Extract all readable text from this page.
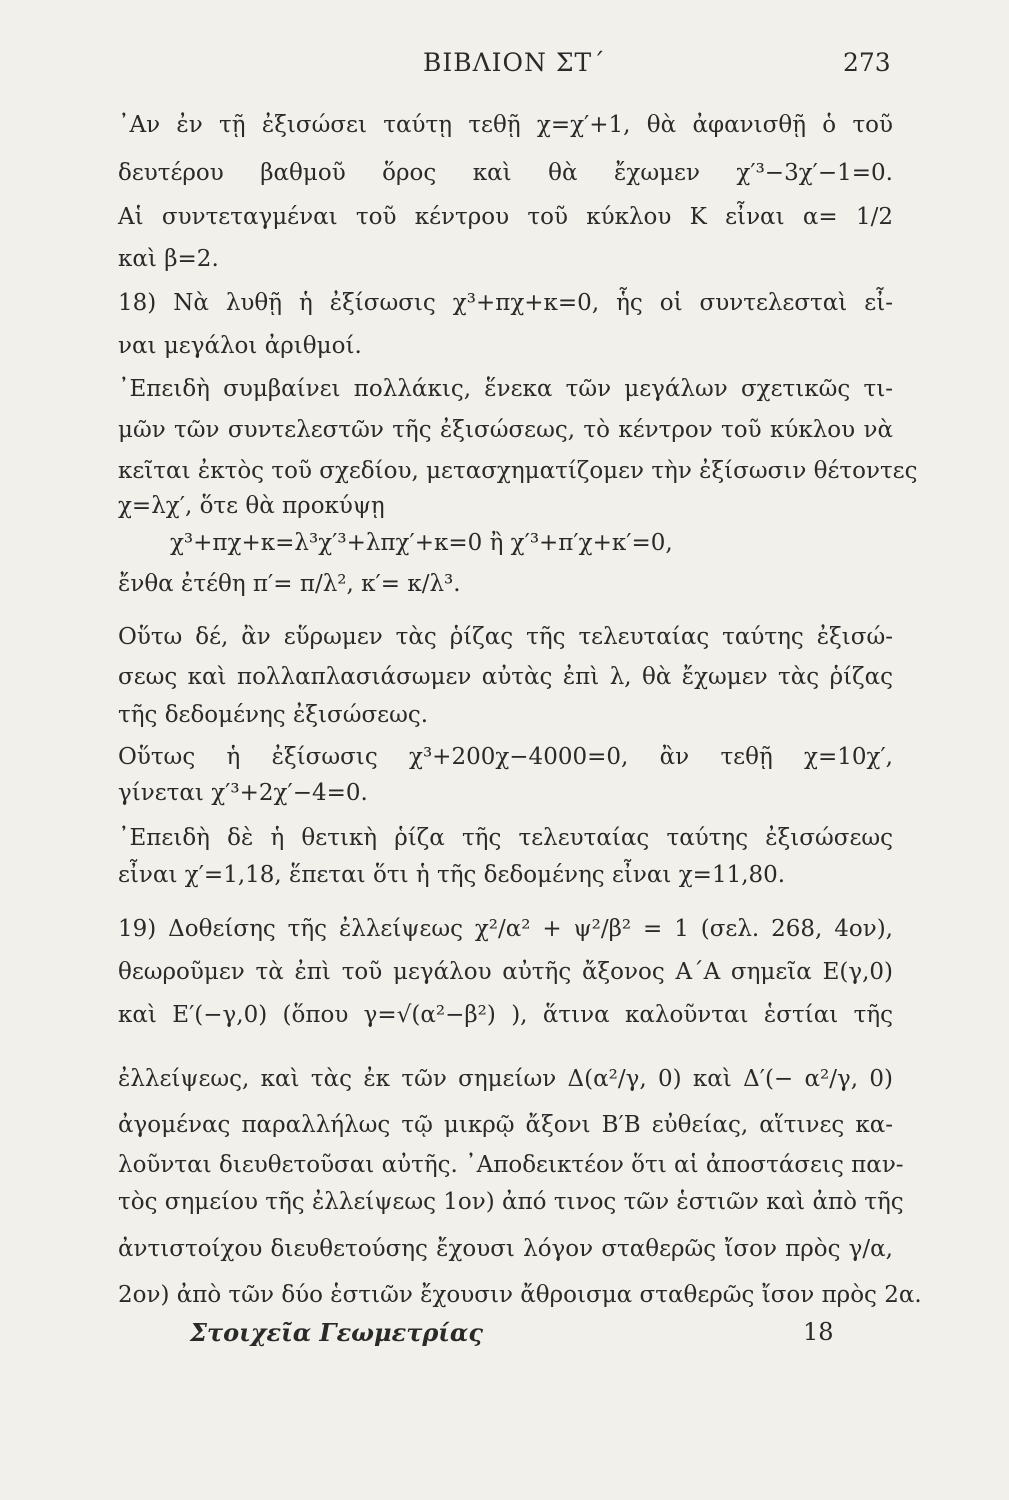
ΒΙΒΛΙΟΝ ΣΤ΄	273
᾿Αν ἐν τῇ ἐξισώσει ταύτῃ τεθῇ χ=χ′+1, θὰ ἀφανισθῇ ὁ τοῦ
δευτέρου βαθμοῦ ὅρος καὶ θὰ ἔχωμεν χ′³−3χ′−1=0.
Αἱ συντεταγμέναι τοῦ κέντρου τοῦ κύκλου Κ εἶναι α= 1/2
καὶ β=2.
18) Νὰ λυθῇ ἡ ἐξίσωσις χ³+πχ+κ=0, ἧς οἱ συντελεσταὶ εἶ-
ναι μεγάλοι ἀριθμοί.
᾿Επειδὴ συμβαίνει πολλάκις, ἕνεκα τῶν μεγάλων σχετικῶς τι-
μῶν τῶν συντελεστῶν τῆς ἐξισώσεως, τὸ κέντρον τοῦ κύκλου νὰ
κεῖται ἐκτὸς τοῦ σχεδίου, μετασχηματίζομεν τὴν ἐξίσωσιν θέτοντες
χ=λχ′, ὅτε θὰ προκύψῃ
χ³+πχ+κ=λ³χ′³+λπχ′+κ=0 ἢ χ′³+π′χ+κ′=0,
ἔνθα ἐτέθη π′= π/λ², κ′= κ/λ³.
Οὕτω δέ, ἂν εὕρωμεν τὰς ῥίζας τῆς τελευταίας ταύτης ἐξισώ-
σεως καὶ πολλαπλασιάσωμεν αὐτὰς ἐπὶ λ, θὰ ἔχωμεν τὰς ῥίζας
τῆς δεδομένης ἐξισώσεως.
Οὕτως ἡ ἐξίσωσις χ³+200χ−4000=0, ἂν τεθῇ χ=10χ′,
γίνεται χ′³+2χ′−4=0.
᾿Επειδὴ δὲ ἡ θετικὴ ῥίζα τῆς τελευταίας ταύτης ἐξισώσεως
εἶναι χ′=1,18, ἕπεται ὅτι ἡ τῆς δεδομένης εἶναι χ=11,80.
19) Δοθείσης τῆς ἐλλείψεως χ²/α² + ψ²/β² = 1 (σελ. 268, 4ον),
θεωροῦμεν τὰ ἐπὶ τοῦ μεγάλου αὐτῆς ἄξονος Α΄Α σημεῖα Ε(γ,0)
καὶ Ε′(−γ,0) (ὅπου γ=√(α²−β²) ), ἅτινα καλοῦνται ἑστίαι τῆς
ἐλλείψεως, καὶ τὰς ἐκ τῶν σημείων Δ(α²/γ, 0) καὶ Δ′(− α²/γ, 0)
ἀγομένας παραλλήλως τῷ μικρῷ ἄξονι Β′Β εὐθείας, αἵτινες κα-
λοῦνται διευθετοῦσαι αὐτῆς. ᾿Αποδεικτέον ὅτι αἱ ἀποστάσεις παν-
τὸς σημείου τῆς ἐλλείψεως 1ον) ἀπό τινος τῶν ἑστιῶν καὶ ἀπὸ τῆς
ἀντιστοίχου διευθετούσης ἔχουσι λόγον σταθερῶς ἴσον πρὸς γ/α,
2ον) ἀπὸ τῶν δύο ἑστιῶν ἔχουσιν ἄθροισμα σταθερῶς ἴσον πρὸς 2α.
Στοιχεῖα Γεωμετρίας	18
